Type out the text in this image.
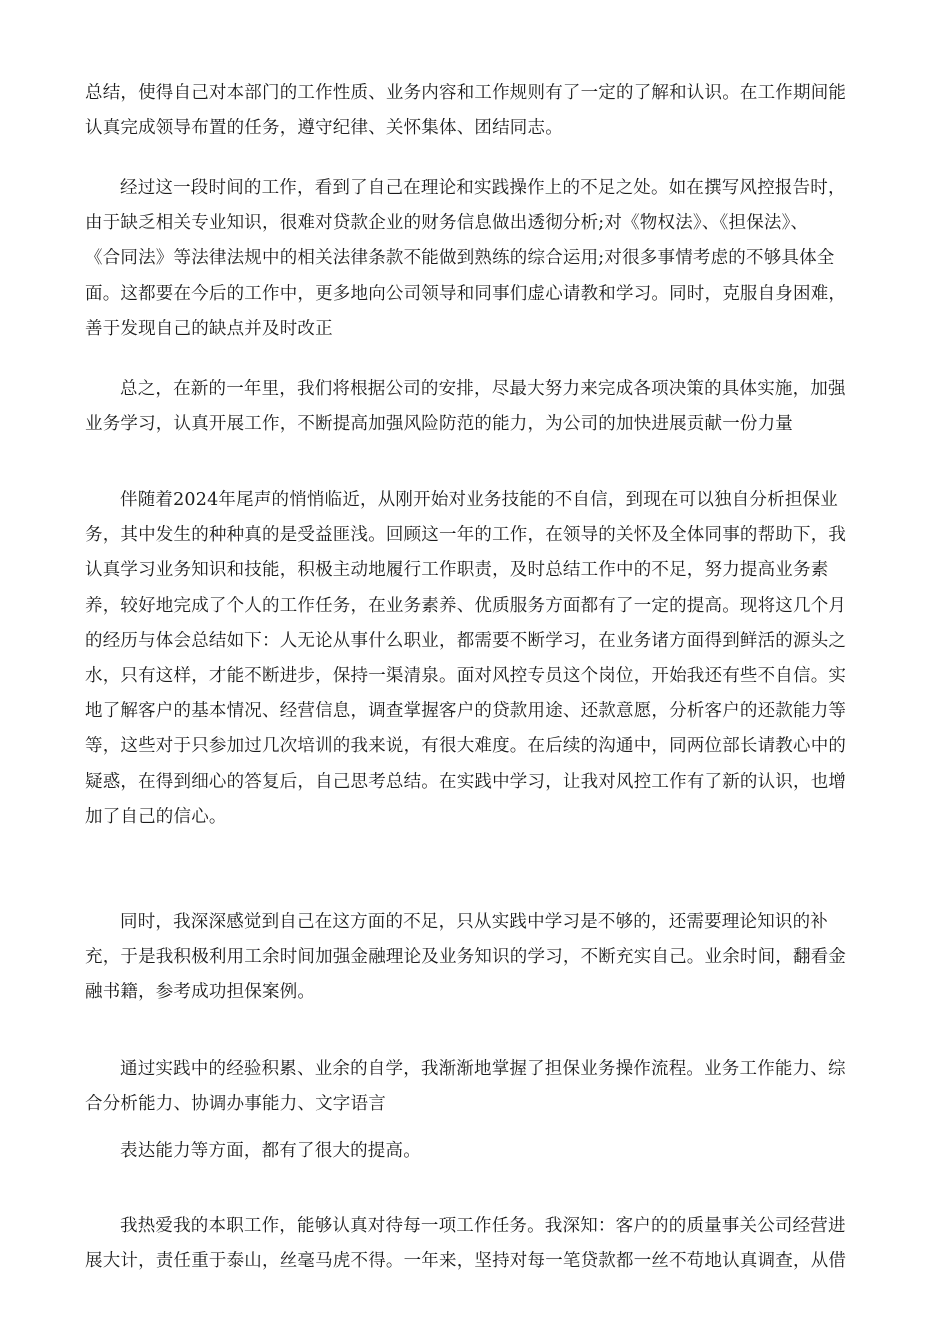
总结，使得自己对本部门的工作性质、业务内容和工作规则有了一定的了解和认识。在工作期间能
认真完成领导布置的任务，遵守纪律、关怀集体、团结同志。
经过这一段时间的工作，看到了自己在理论和实践操作上的不足之处。如在撰写风控报告时，
由于缺乏相关专业知识，很难对贷款企业的财务信息做出透彻分析;对《物权法》、《担保法》、
《合同法》等法律法规中的相关法律条款不能做到熟练的综合运用;对很多事情考虑的不够具体全
面。这都要在今后的工作中，更多地向公司领导和同事们虚心请教和学习。同时，克服自身困难，
善于发现自己的缺点并及时改正
总之，在新的一年里，我们将根据公司的安排，尽最大努力来完成各项决策的具体实施，加强
业务学习，认真开展工作，不断提高加强风险防范的能力，为公司的加快进展贡献一份力量
伴随着2024年尾声的悄悄临近，从刚开始对业务技能的不自信，到现在可以独自分析担保业
务，其中发生的种种真的是受益匪浅。回顾这一年的工作，在领导的关怀及全体同事的帮助下，我
认真学习业务知识和技能，积极主动地履行工作职责，及时总结工作中的不足，努力提高业务素
养，较好地完成了个人的工作任务，在业务素养、优质服务方面都有了一定的提高。现将这几个月
的经历与体会总结如下：人无论从事什么职业，都需要不断学习，在业务诸方面得到鲜活的源头之
水，只有这样，才能不断进步，保持一渠清泉。面对风控专员这个岗位，开始我还有些不自信。实
地了解客户的基本情况、经营信息，调查掌握客户的贷款用途、还款意愿，分析客户的还款能力等
等，这些对于只参加过几次培训的我来说，有很大难度。在后续的沟通中，同两位部长请教心中的
疑惑，在得到细心的答复后，自己思考总结。在实践中学习，让我对风控工作有了新的认识，也增
加了自己的信心。
同时，我深深感觉到自己在这方面的不足，只从实践中学习是不够的，还需要理论知识的补
充，于是我积极利用工余时间加强金融理论及业务知识的学习，不断充实自己。业余时间，翻看金
融书籍，参考成功担保案例。
通过实践中的经验积累、业余的自学，我渐渐地掌握了担保业务操作流程。业务工作能力、综
合分析能力、协调办事能力、文字语言
表达能力等方面，都有了很大的提高。
我热爱我的本职工作，能够认真对待每一项工作任务。我深知：客户的的质量事关公司经营进
展大计，责任重于泰山，丝毫马虎不得。一年来，坚持对每一笔贷款都一丝不苟地认真调查，从借
